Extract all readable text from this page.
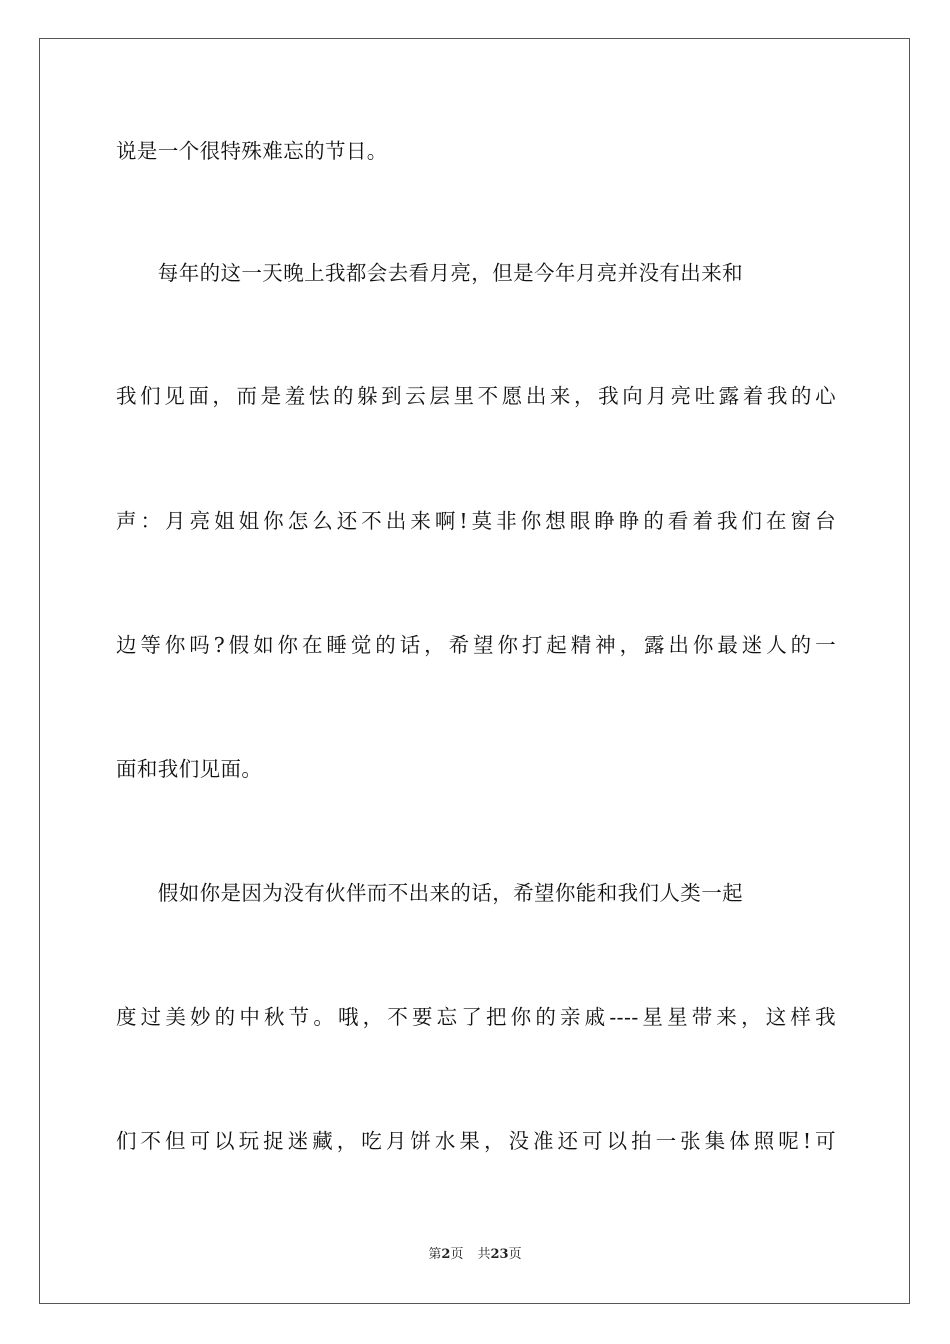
说是一个很特殊难忘的节日。
　　每年的这一天晚上我都会去看月亮，但是今年月亮并没有出来和
我们见面，而是羞怯的躲到云层里不愿出来，我向月亮吐露着我的心
声：月亮姐姐你怎么还不出来啊!莫非你想眼睁睁的看着我们在窗台
边等你吗?假如你在睡觉的话，希望你打起精神，露出你最迷人的一
面和我们见面。
　　假如你是因为没有伙伴而不出来的话，希望你能和我们人类一起
度过美妙的中秋节。哦，不要忘了把你的亲戚----星星带来，这样我
们不但可以玩捉迷藏，吃月饼水果，没准还可以拍一张集体照呢!可
第2页 共23页
